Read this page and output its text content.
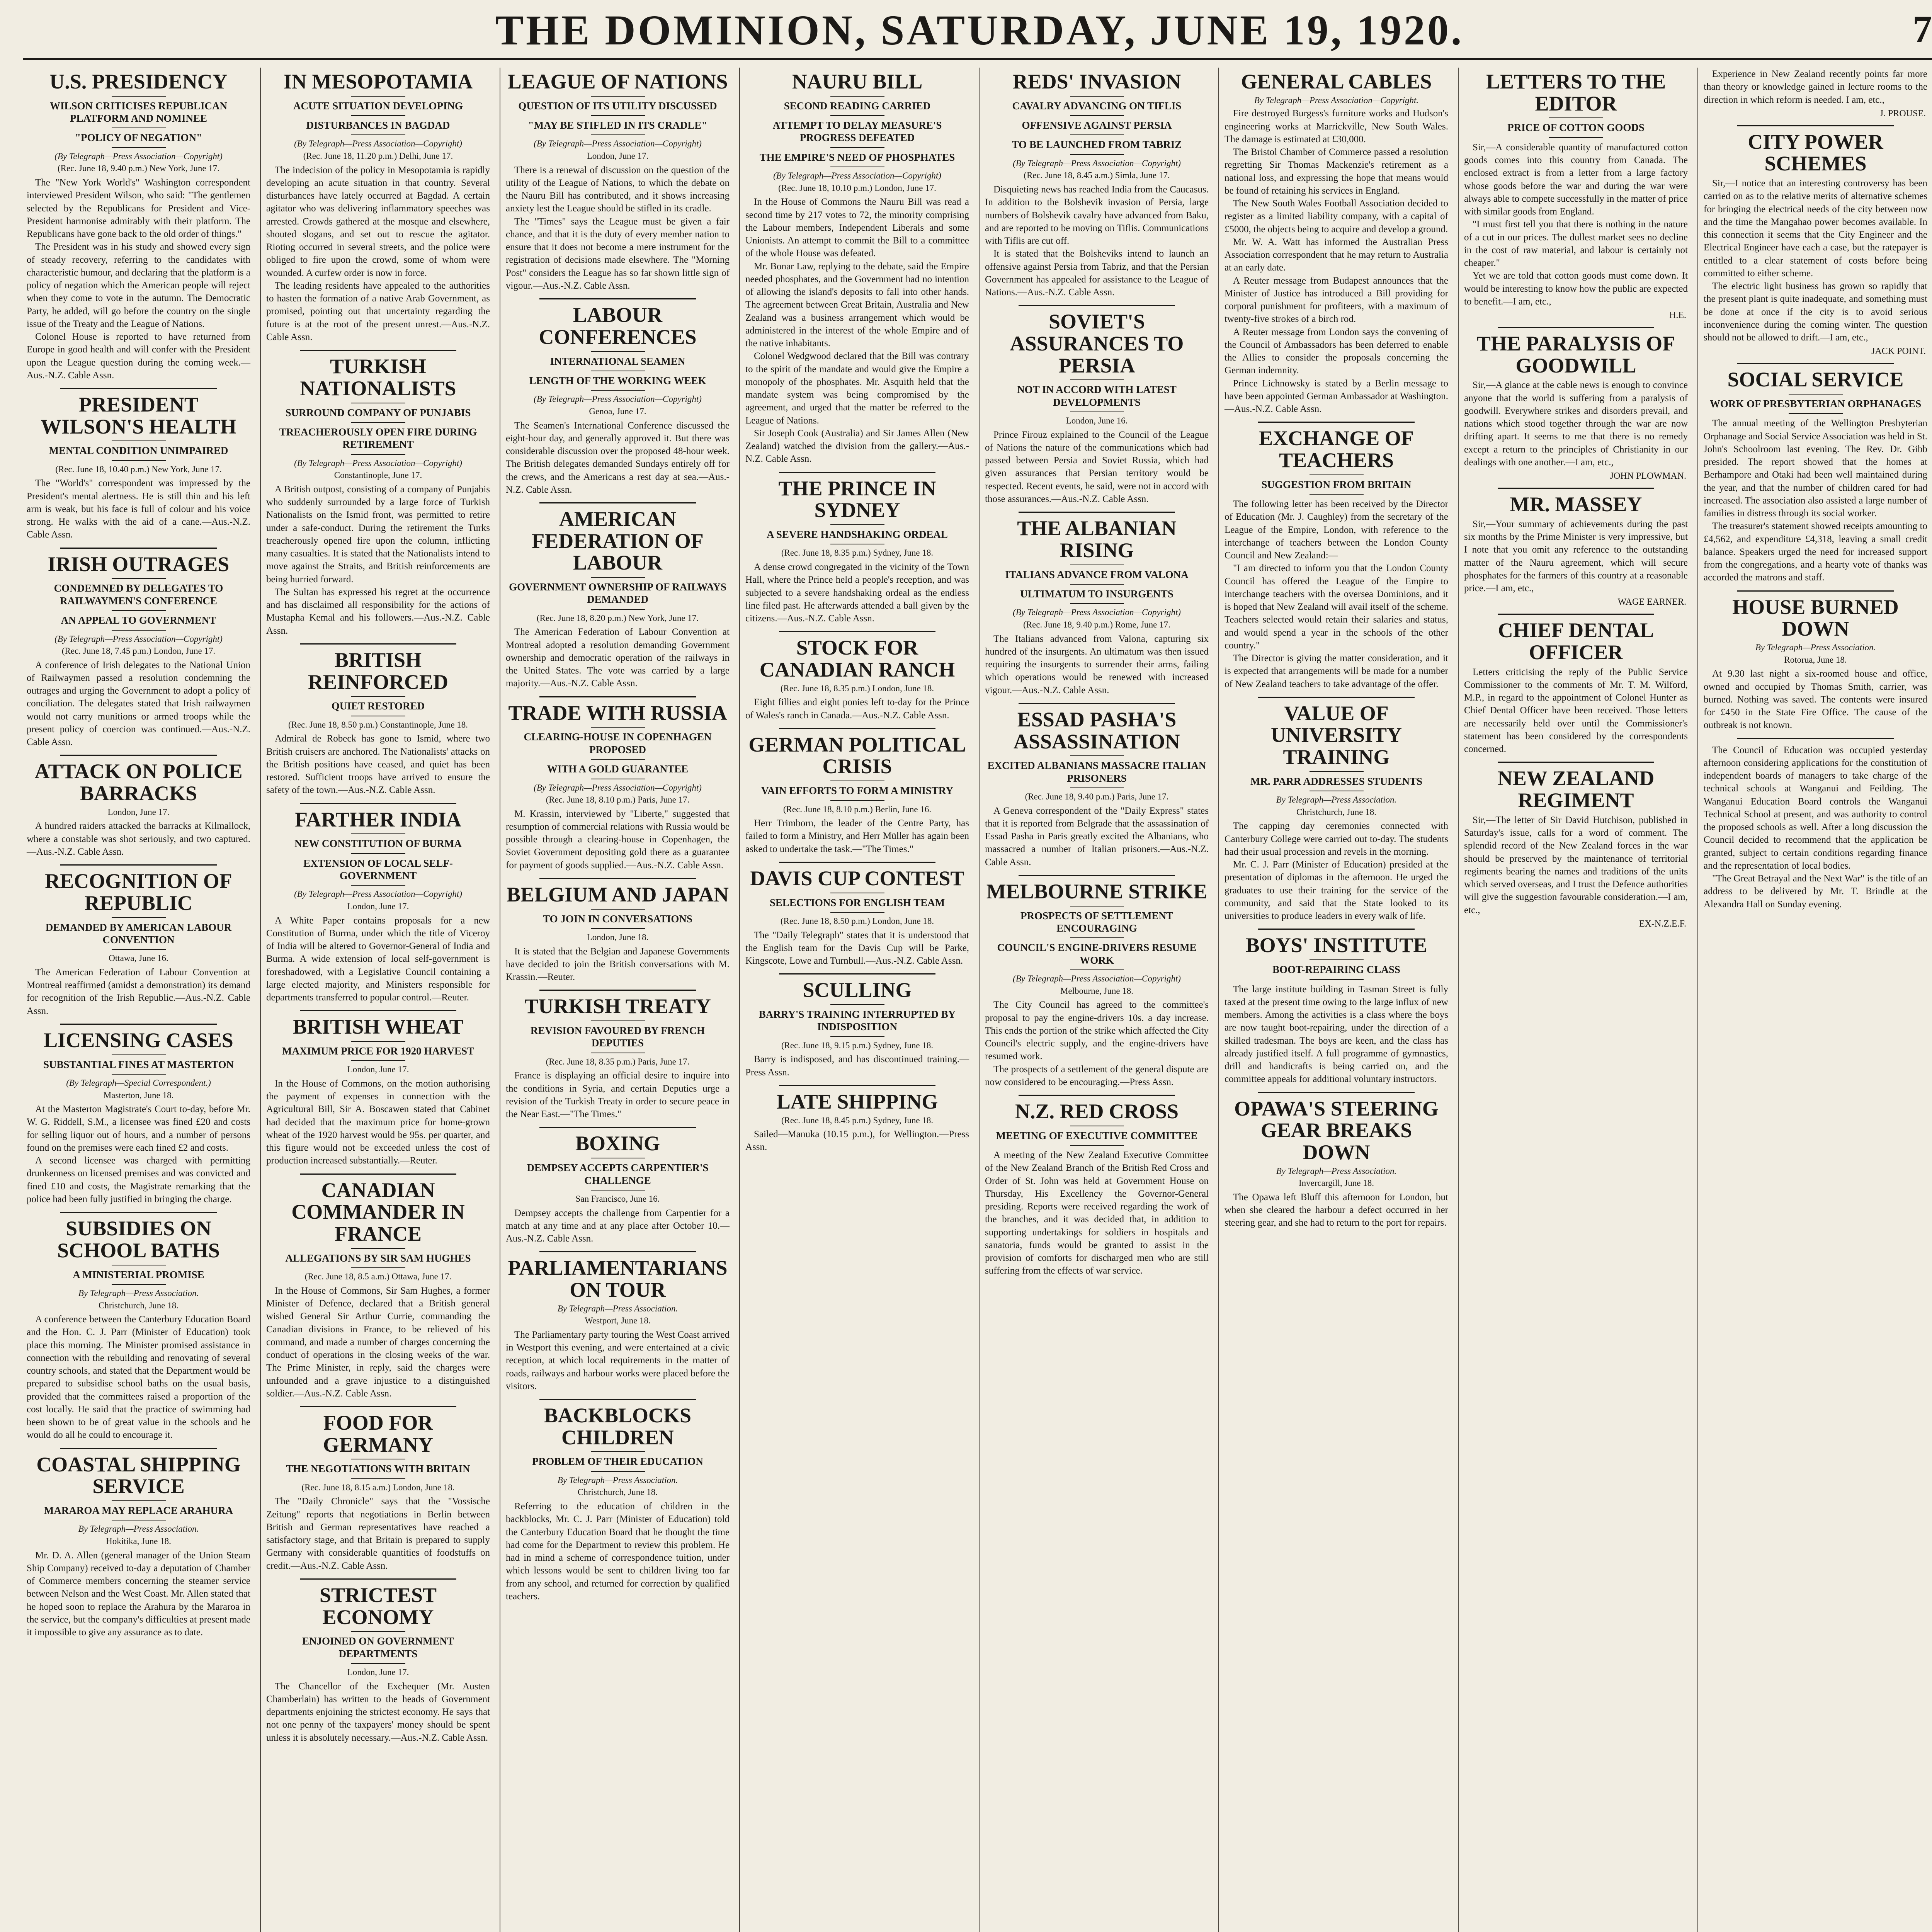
THE DOMINION, SATURDAY, JUNE 19, 1920.	7
U.S. PRESIDENCY
WILSON CRITICISES REPUBLICAN PLATFORM AND NOMINEE
"POLICY OF NEGATION"
(By Telegraph—Press Association—Copyright)
(Rec. June 18, 9.40 p.m.) New York, June 17.

The "New York World's" Washington correspondent interviewed President Wilson, who said: "The gentlemen selected by the Republicans for President and Vice-President harmonise admirably with their platform. The Republicans have gone back to the old order of things."

The President was in his study and showed every sign of steady recovery, referring to the candidates with characteristic humour, and declaring that the platform is a policy of negation which the American people will reject when they come to vote in the autumn. The Democratic Party, he added, will go before the country on the single issue of the Treaty and the League of Nations.

Colonel House is reported to have returned from Europe in good health and will confer with the President upon the League question during the coming week.—Aus.-N.Z. Cable Assn.

PRESIDENT WILSON'S HEALTH
MENTAL CONDITION UNIMPAIRED
(Rec. June 18, 10.40 p.m.) New York, June 17.

The "World's" correspondent was impressed by the President's mental alertness. He is still thin and his left arm is weak, but his face is full of colour and his voice strong. He walks with the aid of a cane.—Aus.-N.Z. Cable Assn.

IRISH OUTRAGES
CONDEMNED BY DELEGATES TO RAILWAYMEN'S CONFERENCE
AN APPEAL TO GOVERNMENT
(By Telegraph—Press Association—Copyright)
(Rec. June 18, 7.45 p.m.) London, June 17.

A conference of Irish delegates to the National Union of Railwaymen passed a resolution condemning the outrages and urging the Government to adopt a policy of conciliation. The delegates stated that Irish railwaymen would not carry munitions or armed troops while the present policy of coercion was continued.—Aus.-N.Z. Cable Assn.

ATTACK ON POLICE BARRACKS
London, June 17.

A hundred raiders attacked the barracks at Kilmallock, where a constable was shot seriously, and two captured.—Aus.-N.Z. Cable Assn.

RECOGNITION OF REPUBLIC
DEMANDED BY AMERICAN LABOUR CONVENTION
Ottawa, June 16.

The American Federation of Labour Convention at Montreal reaffirmed (amidst a demonstration) its demand for recognition of the Irish Republic.—Aus.-N.Z. Cable Assn.

LICENSING CASES
SUBSTANTIAL FINES AT MASTERTON
(By Telegraph—Special Correspondent.)
Masterton, June 18.

At the Masterton Magistrate's Court to-day, before Mr. W. G. Riddell, S.M., a licensee was fined £20 and costs for selling liquor out of hours, and a number of persons found on the premises were each fined £2 and costs.

A second licensee was charged with permitting drunkenness on licensed premises and was convicted and fined £10 and costs, the Magistrate remarking that the police had been fully justified in bringing the charge.

SUBSIDIES ON SCHOOL BATHS
A MINISTERIAL PROMISE
By Telegraph—Press Association.
Christchurch, June 18.

A conference between the Canterbury Education Board and the Hon. C. J. Parr (Minister of Education) took place this morning. The Minister promised assistance in connection with the rebuilding and renovating of several country schools, and stated that the Department would be prepared to subsidise school baths on the usual basis, provided that the committees raised a proportion of the cost locally. He said that the practice of swimming had been shown to be of great value in the schools and he would do all he could to encourage it.

COASTAL SHIPPING SERVICE
MARAROA MAY REPLACE ARAHURA
By Telegraph—Press Association.
Hokitika, June 18.

Mr. D. A. Allen (general manager of the Union Steam Ship Company) received to-day a deputation of Chamber of Commerce members concerning the steamer service between Nelson and the West Coast. Mr. Allen stated that he hoped soon to replace the Arahura by the Mararoa in the service, but the company's difficulties at present made it impossible to give any assurance as to date.

IN MESOPOTAMIA
ACUTE SITUATION DEVELOPING
DISTURBANCES IN BAGDAD
(By Telegraph—Press Association—Copyright)
(Rec. June 18, 11.20 p.m.) Delhi, June 17.

The indecision of the policy in Mesopotamia is rapidly developing an acute situation in that country. Several disturbances have lately occurred at Bagdad. A certain agitator who was delivering inflammatory speeches was arrested. Crowds gathered at the mosque and elsewhere, shouted slogans, and set out to rescue the agitator. Rioting occurred in several streets, and the police were obliged to fire upon the crowd, some of whom were wounded. A curfew order is now in force.

The leading residents have appealed to the authorities to hasten the formation of a native Arab Government, as promised, pointing out that uncertainty regarding the future is at the root of the present unrest.—Aus.-N.Z. Cable Assn.

TURKISH NATIONALISTS
SURROUND COMPANY OF PUNJABIS
TREACHEROUSLY OPEN FIRE DURING RETIREMENT
(By Telegraph—Press Association—Copyright)
Constantinople, June 17.

A British outpost, consisting of a company of Punjabis who suddenly surrounded by a large force of Turkish Nationalists on the Ismid front, was permitted to retire under a safe-conduct. During the retirement the Turks treacherously opened fire upon the column, inflicting many casualties. It is stated that the Nationalists intend to move against the Straits, and British reinforcements are being hurried forward.

The Sultan has expressed his regret at the occurrence and has disclaimed all responsibility for the actions of Mustapha Kemal and his followers.—Aus.-N.Z. Cable Assn.

BRITISH REINFORCED
QUIET RESTORED
(Rec. June 18, 8.50 p.m.) Constantinople, June 18.

Admiral de Robeck has gone to Ismid, where two British cruisers are anchored. The Nationalists' attacks on the British positions have ceased, and quiet has been restored. Sufficient troops have arrived to ensure the safety of the town.—Aus.-N.Z. Cable Assn.

FARTHER INDIA
NEW CONSTITUTION OF BURMA
EXTENSION OF LOCAL SELF-GOVERNMENT
(By Telegraph—Press Association—Copyright)
London, June 17.

A White Paper contains proposals for a new Constitution of Burma, under which the title of Viceroy of India will be altered to Governor-General of India and Burma. A wide extension of local self-government is foreshadowed, with a Legislative Council containing a large elected majority, and Ministers responsible for departments transferred to popular control.—Reuter.

BRITISH WHEAT
MAXIMUM PRICE FOR 1920 HARVEST
London, June 17.

In the House of Commons, on the motion authorising the payment of expenses in connection with the Agricultural Bill, Sir A. Boscawen stated that Cabinet had decided that the maximum price for home-grown wheat of the 1920 harvest would be 95s. per quarter, and this figure would not be exceeded unless the cost of production increased substantially.—Reuter.

CANADIAN COMMANDER IN FRANCE
ALLEGATIONS BY SIR SAM HUGHES
(Rec. June 18, 8.5 a.m.) Ottawa, June 17.

In the House of Commons, Sir Sam Hughes, a former Minister of Defence, declared that a British general wished General Sir Arthur Currie, commanding the Canadian divisions in France, to be relieved of his command, and made a number of charges concerning the conduct of operations in the closing weeks of the war. The Prime Minister, in reply, said the charges were unfounded and a grave injustice to a distinguished soldier.—Aus.-N.Z. Cable Assn.

FOOD FOR GERMANY
THE NEGOTIATIONS WITH BRITAIN
(Rec. June 18, 8.15 a.m.) London, June 18.

The "Daily Chronicle" says that the "Vossische Zeitung" reports that negotiations in Berlin between British and German representatives have reached a satisfactory stage, and that Britain is prepared to supply Germany with considerable quantities of foodstuffs on credit.—Aus.-N.Z. Cable Assn.

STRICTEST ECONOMY
ENJOINED ON GOVERNMENT DEPARTMENTS
London, June 17.

The Chancellor of the Exchequer (Mr. Austen Chamberlain) has written to the heads of Government departments enjoining the strictest economy. He says that not one penny of the taxpayers' money should be spent unless it is absolutely necessary.—Aus.-N.Z. Cable Assn.

LEAGUE OF NATIONS
QUESTION OF ITS UTILITY DISCUSSED
"MAY BE STIFLED IN ITS CRADLE"
(By Telegraph—Press Association—Copyright)
London, June 17.

There is a renewal of discussion on the question of the utility of the League of Nations, to which the debate on the Nauru Bill has contributed, and it shows increasing anxiety lest the League should be stifled in its cradle.

The "Times" says the League must be given a fair chance, and that it is the duty of every member nation to ensure that it does not become a mere instrument for the registration of decisions made elsewhere. The "Morning Post" considers the League has so far shown little sign of vigour.—Aus.-N.Z. Cable Assn.

LABOUR CONFERENCES
INTERNATIONAL SEAMEN
LENGTH OF THE WORKING WEEK
(By Telegraph—Press Association—Copyright)
Genoa, June 17.

The Seamen's International Conference discussed the eight-hour day, and generally approved it. But there was considerable discussion over the proposed 48-hour week. The British delegates demanded Sundays entirely off for the crews, and the Americans a rest day at sea.—Aus.-N.Z. Cable Assn.

AMERICAN FEDERATION OF LABOUR
GOVERNMENT OWNERSHIP OF RAILWAYS DEMANDED
(Rec. June 18, 8.20 p.m.) New York, June 17.

The American Federation of Labour Convention at Montreal adopted a resolution demanding Government ownership and democratic operation of the railways in the United States. The vote was carried by a large majority.—Aus.-N.Z. Cable Assn.

TRADE WITH RUSSIA
CLEARING-HOUSE IN COPENHAGEN PROPOSED
WITH A GOLD GUARANTEE
(By Telegraph—Press Association—Copyright)
(Rec. June 18, 8.10 p.m.) Paris, June 17.

M. Krassin, interviewed by "Liberte," suggested that resumption of commercial relations with Russia would be possible through a clearing-house in Copenhagen, the Soviet Government depositing gold there as a guarantee for payment of goods supplied.—Aus.-N.Z. Cable Assn.

BELGIUM AND JAPAN
TO JOIN IN CONVERSATIONS
London, June 18.

It is stated that the Belgian and Japanese Governments have decided to join the British conversations with M. Krassin.—Reuter.

TURKISH TREATY
REVISION FAVOURED BY FRENCH DEPUTIES
(Rec. June 18, 8.35 p.m.) Paris, June 17.

France is displaying an official desire to inquire into the conditions in Syria, and certain Deputies urge a revision of the Turkish Treaty in order to secure peace in the Near East.—"The Times."

BOXING
DEMPSEY ACCEPTS CARPENTIER'S CHALLENGE
San Francisco, June 16.

Dempsey accepts the challenge from Carpentier for a match at any time and at any place after October 10.—Aus.-N.Z. Cable Assn.

PARLIAMENTARIANS ON TOUR
By Telegraph—Press Association.
Westport, June 18.

The Parliamentary party touring the West Coast arrived in Westport this evening, and were entertained at a civic reception, at which local requirements in the matter of roads, railways and harbour works were placed before the visitors.

BACKBLOCKS CHILDREN
PROBLEM OF THEIR EDUCATION
By Telegraph—Press Association.
Christchurch, June 18.

Referring to the education of children in the backblocks, Mr. C. J. Parr (Minister of Education) told the Canterbury Education Board that he thought the time had come for the Department to review this problem. He had in mind a scheme of correspondence tuition, under which lessons would be sent to children living too far from any school, and returned for correction by qualified teachers.

NAURU BILL
SECOND READING CARRIED
ATTEMPT TO DELAY MEASURE'S PROGRESS DEFEATED
THE EMPIRE'S NEED OF PHOSPHATES
(By Telegraph—Press Association—Copyright)
(Rec. June 18, 10.10 p.m.) London, June 17.

In the House of Commons the Nauru Bill was read a second time by 217 votes to 72, the minority comprising the Labour members, Independent Liberals and some Unionists. An attempt to commit the Bill to a committee of the whole House was defeated.

Mr. Bonar Law, replying to the debate, said the Empire needed phosphates, and the Government had no intention of allowing the island's deposits to fall into other hands. The agreement between Great Britain, Australia and New Zealand was a business arrangement which would be administered in the interest of the whole Empire and of the native inhabitants.

Colonel Wedgwood declared that the Bill was contrary to the spirit of the mandate and would give the Empire a monopoly of the phosphates. Mr. Asquith held that the mandate system was being compromised by the agreement, and urged that the matter be referred to the League of Nations.

Sir Joseph Cook (Australia) and Sir James Allen (New Zealand) watched the division from the gallery.—Aus.-N.Z. Cable Assn.

THE PRINCE IN SYDNEY
A SEVERE HANDSHAKING ORDEAL
(Rec. June 18, 8.35 p.m.) Sydney, June 18.

A dense crowd congregated in the vicinity of the Town Hall, where the Prince held a people's reception, and was subjected to a severe handshaking ordeal as the endless line filed past. He afterwards attended a ball given by the citizens.—Aus.-N.Z. Cable Assn.

STOCK FOR CANADIAN RANCH
(Rec. June 18, 8.35 p.m.) London, June 18.

Eight fillies and eight ponies left to-day for the Prince of Wales's ranch in Canada.—Aus.-N.Z. Cable Assn.

GERMAN POLITICAL CRISIS
VAIN EFFORTS TO FORM A MINISTRY
(Rec. June 18, 8.10 p.m.) Berlin, June 16.

Herr Trimborn, the leader of the Centre Party, has failed to form a Ministry, and Herr Müller has again been asked to undertake the task.—"The Times."

DAVIS CUP CONTEST
SELECTIONS FOR ENGLISH TEAM
(Rec. June 18, 8.50 p.m.) London, June 18.

The "Daily Telegraph" states that it is understood that the English team for the Davis Cup will be Parke, Kingscote, Lowe and Turnbull.—Aus.-N.Z. Cable Assn.

SCULLING
BARRY'S TRAINING INTERRUPTED BY INDISPOSITION
(Rec. June 18, 9.15 p.m.) Sydney, June 18.

Barry is indisposed, and has discontinued training.—Press Assn.

LATE SHIPPING
(Rec. June 18, 8.45 p.m.) Sydney, June 18.

Sailed—Manuka (10.15 p.m.), for Wellington.—Press Assn.

REDS' INVASION
CAVALRY ADVANCING ON TIFLIS
OFFENSIVE AGAINST PERSIA
TO BE LAUNCHED FROM TABRIZ
(By Telegraph—Press Association—Copyright)
(Rec. June 18, 8.45 a.m.) Simla, June 17.

Disquieting news has reached India from the Caucasus. In addition to the Bolshevik invasion of Persia, large numbers of Bolshevik cavalry have advanced from Baku, and are reported to be moving on Tiflis. Communications with Tiflis are cut off.

It is stated that the Bolsheviks intend to launch an offensive against Persia from Tabriz, and that the Persian Government has appealed for assistance to the League of Nations.—Aus.-N.Z. Cable Assn.

SOVIET'S ASSURANCES TO PERSIA
NOT IN ACCORD WITH LATEST DEVELOPMENTS
London, June 16.

Prince Firouz explained to the Council of the League of Nations the nature of the communications which had passed between Persia and Soviet Russia, which had given assurances that Persian territory would be respected. Recent events, he said, were not in accord with those assurances.—Aus.-N.Z. Cable Assn.

THE ALBANIAN RISING
ITALIANS ADVANCE FROM VALONA
ULTIMATUM TO INSURGENTS
(By Telegraph—Press Association—Copyright)
(Rec. June 18, 9.40 p.m.) Rome, June 17.

The Italians advanced from Valona, capturing six hundred of the insurgents. An ultimatum was then issued requiring the insurgents to surrender their arms, failing which operations would be renewed with increased vigour.—Aus.-N.Z. Cable Assn.

ESSAD PASHA'S ASSASSINATION
EXCITED ALBANIANS MASSACRE ITALIAN PRISONERS
(Rec. June 18, 9.40 p.m.) Paris, June 17.

A Geneva correspondent of the "Daily Express" states that it is reported from Belgrade that the assassination of Essad Pasha in Paris greatly excited the Albanians, who massacred a number of Italian prisoners.—Aus.-N.Z. Cable Assn.

MELBOURNE STRIKE
PROSPECTS OF SETTLEMENT ENCOURAGING
COUNCIL'S ENGINE-DRIVERS RESUME WORK
(By Telegraph—Press Association—Copyright)
Melbourne, June 18.

The City Council has agreed to the committee's proposal to pay the engine-drivers 10s. a day increase. This ends the portion of the strike which affected the City Council's electric supply, and the engine-drivers have resumed work.

The prospects of a settlement of the general dispute are now considered to be encouraging.—Press Assn.

N.Z. RED CROSS
MEETING OF EXECUTIVE COMMITTEE

A meeting of the New Zealand Executive Committee of the New Zealand Branch of the British Red Cross and Order of St. John was held at Government House on Thursday, His Excellency the Governor-General presiding. Reports were received regarding the work of the branches, and it was decided that, in addition to supporting undertakings for soldiers in hospitals and sanatoria, funds would be granted to assist in the provision of comforts for discharged men who are still suffering from the effects of war service.

GENERAL CABLES
By Telegraph—Press Association—Copyright.

Fire destroyed Burgess's furniture works and Hudson's engineering works at Marrickville, New South Wales. The damage is estimated at £30,000.

The Bristol Chamber of Commerce passed a resolution regretting Sir Thomas Mackenzie's retirement as a national loss, and expressing the hope that means would be found of retaining his services in England.

The New South Wales Football Association decided to register as a limited liability company, with a capital of £5000, the objects being to acquire and develop a ground.

Mr. W. A. Watt has informed the Australian Press Association correspondent that he may return to Australia at an early date.

A Reuter message from Budapest announces that the Minister of Justice has introduced a Bill providing for corporal punishment for profiteers, with a maximum of twenty-five strokes of a birch rod.

A Reuter message from London says the convening of the Council of Ambassadors has been deferred to enable the Allies to consider the proposals concerning the German indemnity.

Prince Lichnowsky is stated by a Berlin message to have been appointed German Ambassador at Washington.—Aus.-N.Z. Cable Assn.

EXCHANGE OF TEACHERS
SUGGESTION FROM BRITAIN

The following letter has been received by the Director of Education (Mr. J. Caughley) from the secretary of the League of the Empire, London, with reference to the interchange of teachers between the London County Council and New Zealand:—

"I am directed to inform you that the London County Council has offered the League of the Empire to interchange teachers with the oversea Dominions, and it is hoped that New Zealand will avail itself of the scheme. Teachers selected would retain their salaries and status, and would spend a year in the schools of the other country."

The Director is giving the matter consideration, and it is expected that arrangements will be made for a number of New Zealand teachers to take advantage of the offer.

VALUE OF UNIVERSITY TRAINING
MR. PARR ADDRESSES STUDENTS
By Telegraph—Press Association.
Christchurch, June 18.

The capping day ceremonies connected with Canterbury College were carried out to-day. The students had their usual procession and revels in the morning.

Mr. C. J. Parr (Minister of Education) presided at the presentation of diplomas in the afternoon. He urged the graduates to use their training for the service of the community, and said that the State looked to its universities to produce leaders in every walk of life.

BOYS' INSTITUTE
BOOT-REPAIRING CLASS

The large institute building in Tasman Street is fully taxed at the present time owing to the large influx of new members. Among the activities is a class where the boys are now taught boot-repairing, under the direction of a skilled tradesman. The boys are keen, and the class has already justified itself. A full programme of gymnastics, drill and handicrafts is being carried on, and the committee appeals for additional voluntary instructors.

OPAWA'S STEERING GEAR BREAKS DOWN
By Telegraph—Press Association.
Invercargill, June 18.

The Opawa left Bluff this afternoon for London, but when she cleared the harbour a defect occurred in her steering gear, and she had to return to the port for repairs.

LETTERS TO THE EDITOR
PRICE OF COTTON GOODS

Sir,—A considerable quantity of manufactured cotton goods comes into this country from Canada. The enclosed extract is from a letter from a large factory whose goods before the war and during the war were always able to compete successfully in the matter of price with similar goods from England.

"I must first tell you that there is nothing in the nature of a cut in our prices. The dullest market sees no decline in the cost of raw material, and labour is certainly not cheaper."

Yet we are told that cotton goods must come down. It would be interesting to know how the public are expected to benefit.—I am, etc.,

H.E.
THE PARALYSIS OF GOODWILL

Sir,—A glance at the cable news is enough to convince anyone that the world is suffering from a paralysis of goodwill. Everywhere strikes and disorders prevail, and nations which stood together through the war are now drifting apart. It seems to me that there is no remedy except a return to the principles of Christianity in our dealings with one another.—I am, etc.,

JOHN PLOWMAN.
MR. MASSEY

Sir,—Your summary of achievements during the past six months by the Prime Minister is very impressive, but I note that you omit any reference to the outstanding matter of the Nauru agreement, which will secure phosphates for the farmers of this country at a reasonable price.—I am, etc.,

WAGE EARNER.
CHIEF DENTAL OFFICER

Letters criticising the reply of the Public Service Commissioner to the comments of Mr. T. M. Wilford, M.P., in regard to the appointment of Colonel Hunter as Chief Dental Officer have been received. Those letters are necessarily held over until the Commissioner's statement has been considered by the correspondents concerned.

NEW ZEALAND REGIMENT

Sir,—The letter of Sir David Hutchison, published in Saturday's issue, calls for a word of comment. The splendid record of the New Zealand forces in the war should be preserved by the maintenance of territorial regiments bearing the names and traditions of the units which served overseas, and I trust the Defence authorities will give the suggestion favourable consideration.—I am, etc.,

EX-N.Z.E.F.

Experience in New Zealand recently points far more than theory or knowledge gained in lecture rooms to the direction in which reform is needed. I am, etc.,

J. PROUSE.
CITY POWER SCHEMES

Sir,—I notice that an interesting controversy has been carried on as to the relative merits of alternative schemes for bringing the electrical needs of the city between now and the time the Mangahao power becomes available. In this connection it seems that the City Engineer and the Electrical Engineer have each a case, but the ratepayer is entitled to a clear statement of costs before being committed to either scheme.

The electric light business has grown so rapidly that the present plant is quite inadequate, and something must be done at once if the city is to avoid serious inconvenience during the coming winter. The question should not be allowed to drift.—I am, etc.,

JACK POINT.
SOCIAL SERVICE
WORK OF PRESBYTERIAN ORPHANAGES

The annual meeting of the Wellington Presbyterian Orphanage and Social Service Association was held in St. John's Schoolroom last evening. The Rev. Dr. Gibb presided. The report showed that the homes at Berhampore and Otaki had been well maintained during the year, and that the number of children cared for had increased. The association also assisted a large number of families in distress through its social worker.

The treasurer's statement showed receipts amounting to £4,562, and expenditure £4,318, leaving a small credit balance. Speakers urged the need for increased support from the congregations, and a hearty vote of thanks was accorded the matrons and staff.

HOUSE BURNED DOWN
By Telegraph—Press Association.
Rotorua, June 18.

At 9.30 last night a six-roomed house and office, owned and occupied by Thomas Smith, carrier, was burned. Nothing was saved. The contents were insured for £450 in the State Fire Office. The cause of the outbreak is not known.

The Council of Education was occupied yesterday afternoon considering applications for the constitution of independent boards of managers to take charge of the technical schools at Wanganui and Feilding. The Wanganui Education Board controls the Wanganui Technical School at present, and was authority to control the proposed schools as well. After a long discussion the Council decided to recommend that the application be granted, subject to certain conditions regarding finance and the representation of local bodies.

"The Great Betrayal and the Next War" is the title of an address to be delivered by Mr. T. Brindle at the Alexandra Hall on Sunday evening.
